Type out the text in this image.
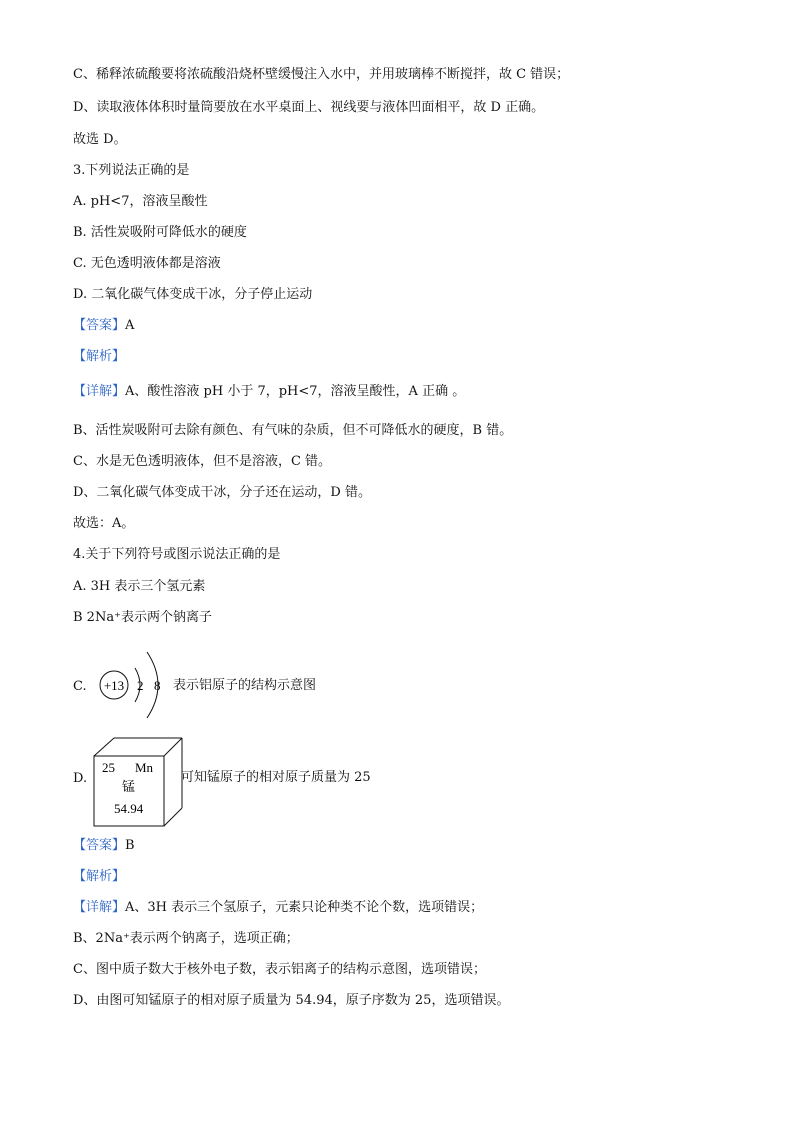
C、稀释浓硫酸要将浓硫酸沿烧杯壁缓慢注入水中，并用玻璃棒不断搅拌，故 C 错误；
D、读取液体体积时量筒要放在水平桌面上、视线要与液体凹面相平，故 D 正确。
故选 D。
3.下列说法正确的是
A. pH<7，溶液呈酸性
B. 活性炭吸附可降低水的硬度
C. 无色透明液体都是溶液
D. 二氧化碳气体变成干冰，分子停止运动
【答案】A
【解析】
【详解】A、酸性溶液 pH 小于 7，pH<7，溶液呈酸性，A 正确 。
B、活性炭吸附可去除有颜色、有气味的杂质，但不可降低水的硬度，B 错。
C、水是无色透明液体，但不是溶液，C 错。
D、二氧化碳气体变成干冰，分子还在运动，D 错。
故选：A。
4.关于下列符号或图示说法正确的是
A. 3H 表示三个氢元素
B 2Na⁺表示两个钠离子
C. +13 2 8 表示铝原子的结构示意图
D.
25 Mn
锰
54.94
可知锰原子的相对原子质量为 25
【答案】B
【解析】
【详解】A、3H 表示三个氢原子，元素只论种类不论个数，选项错误；
B、2Na⁺表示两个钠离子，选项正确；
C、图中质子数大于核外电子数，表示铝离子的结构示意图，选项错误；
D、由图可知锰原子的相对原子质量为 54.94，原子序数为 25，选项错误。
